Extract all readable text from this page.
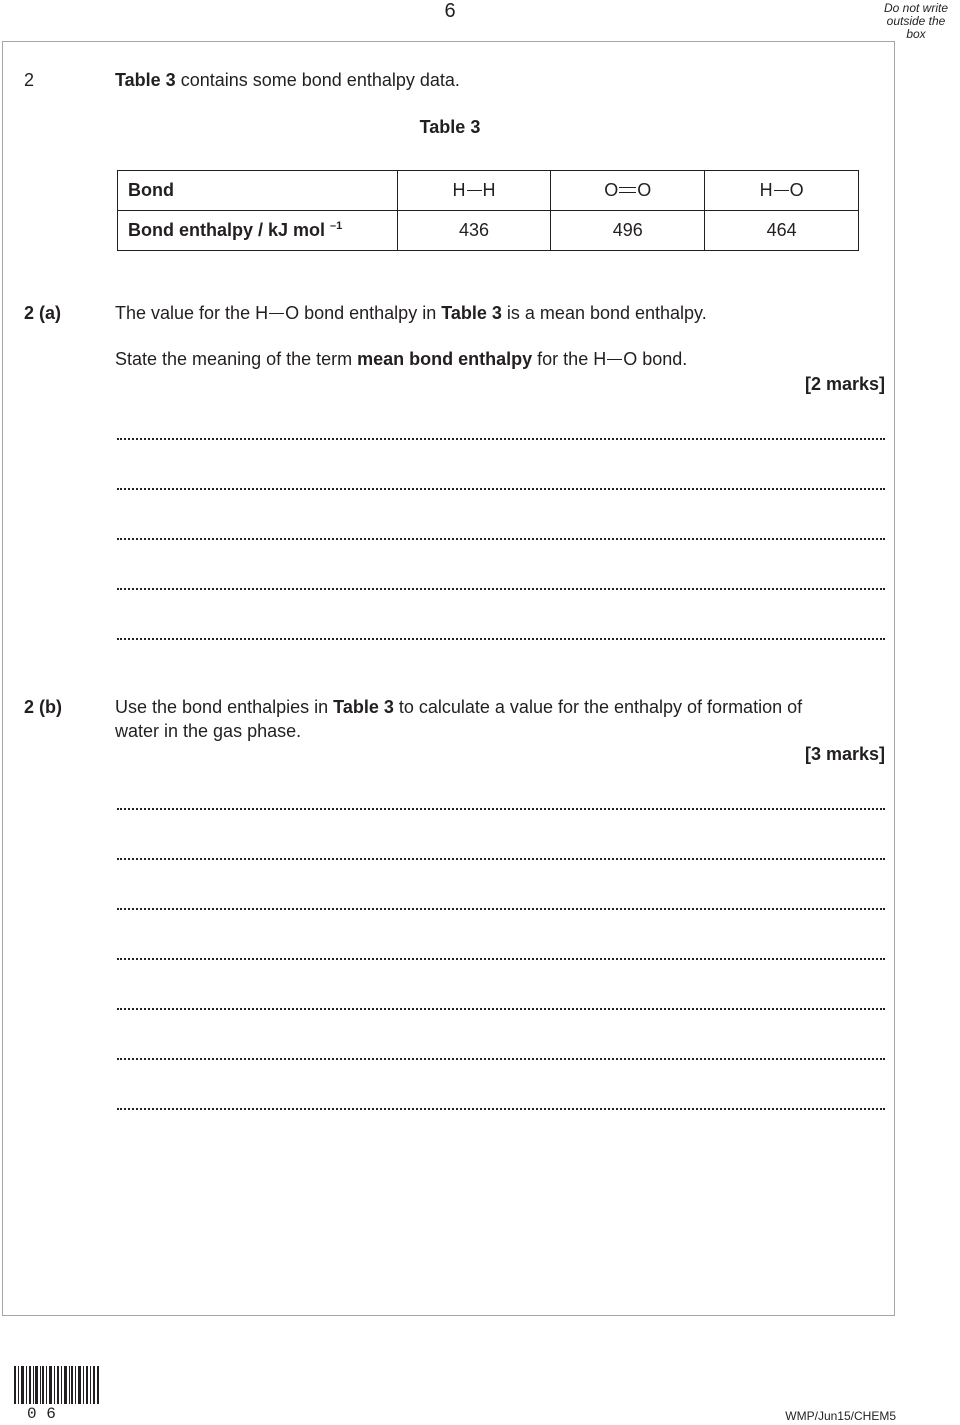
6	Do not write outside the box
2	Table 3 contains some bond enthalpy data.
Table 3
Bond	H H	O O	H O
Bond enthalpy / kJ mol $^{-1}$	436	496	464
2 (a)	The value for the H O bond enthalpy in Table 3 is a mean bond enthalpy.
State the meaning of the term mean bond enthalpy for the H O bond.
[2 marks]
2 (b)	Use the bond enthalpies in Table 3 to calculate a value for the enthalpy of formation of
water in the gas phase.
[3 marks]
0 6	WMP/Jun15/CHEM5
